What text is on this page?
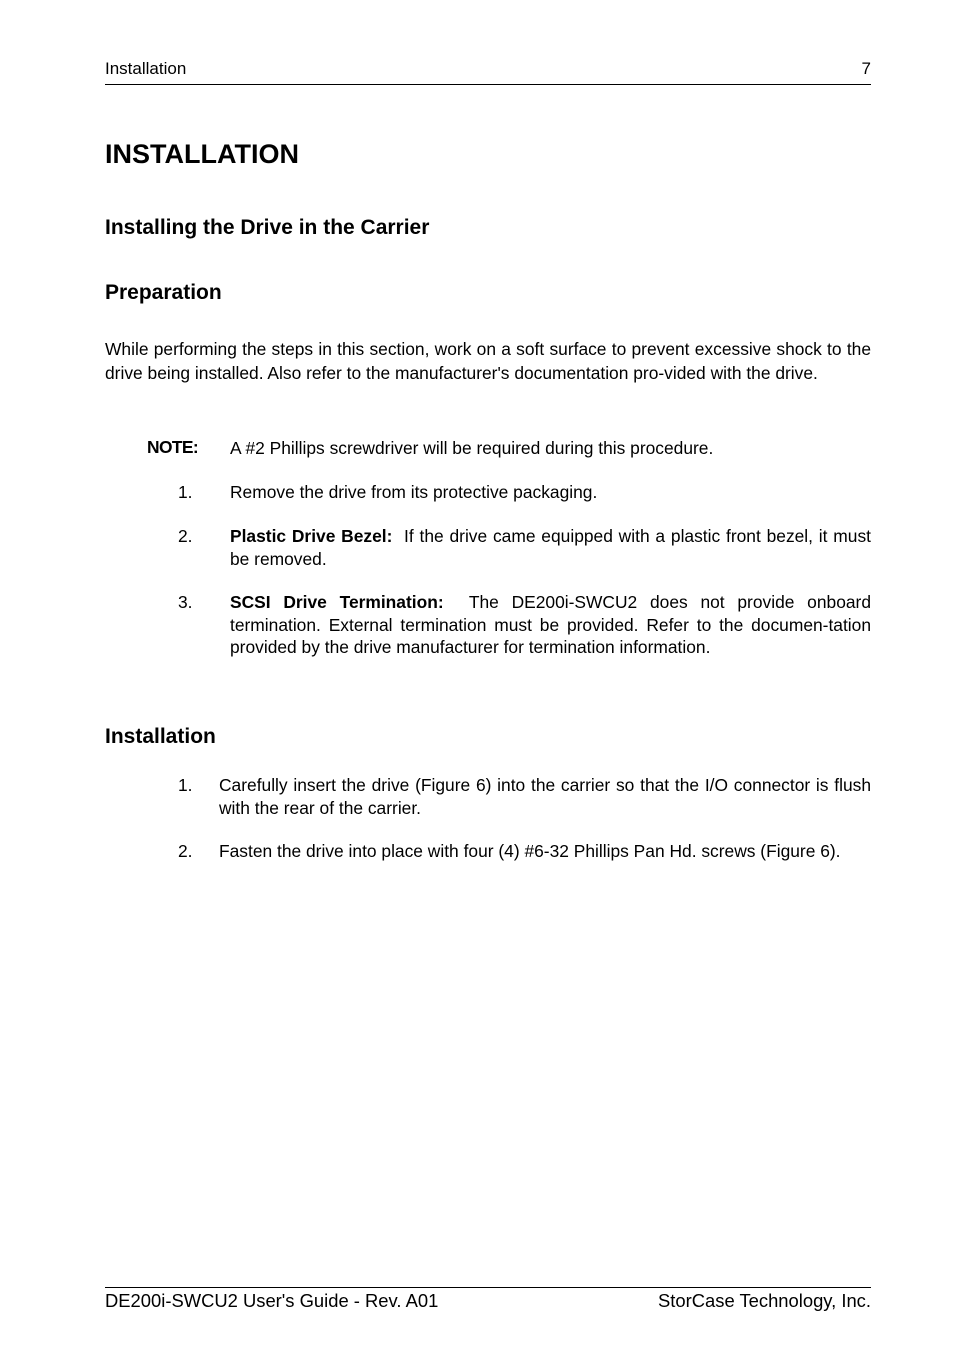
Installation	7
INSTALLATION
Installing the Drive in the Carrier
Preparation
While performing the steps in this section, work on a soft surface to prevent excessive shock to the drive being installed. Also refer to the manufacturer's documentation pro-vided with the drive.
NOTE: A #2 Phillips screwdriver will be required during this procedure.
1. Remove the drive from its protective packaging.
2. Plastic Drive Bezel: If the drive came equipped with a plastic front bezel, it must be removed.
3. SCSI Drive Termination: The DE200i-SWCU2 does not provide onboard termination. External termination must be provided. Refer to the documen-tation provided by the drive manufacturer for termination information.
Installation
1. Carefully insert the drive (Figure 6) into the carrier so that the I/O connector is flush with the rear of the carrier.
2. Fasten the drive into place with four (4) #6-32 Phillips Pan Hd. screws (Figure 6).
DE200i-SWCU2 User's Guide - Rev. A01	StorCase Technology, Inc.
